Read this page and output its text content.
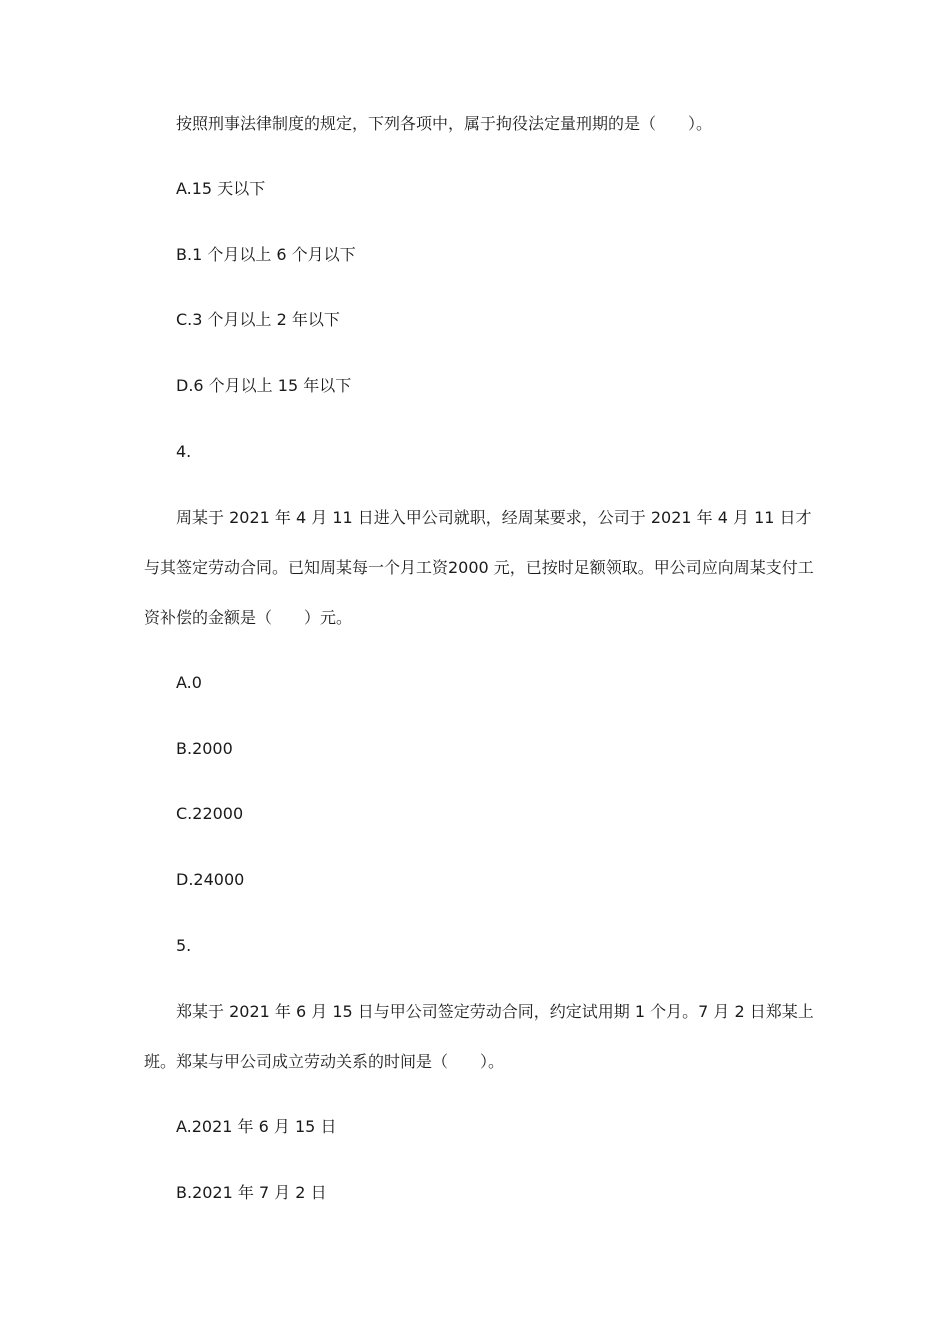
按照刑事法律制度的规定，下列各项中，属于拘役法定量刑期的是（　　）。
A.15 天以下
B.1 个月以上 6 个月以下
C.3 个月以上 2 年以下
D.6 个月以上 15 年以下
4.
周某于 2021 年 4 月 11 日进入甲公司就职，经周某要求，公司于 2021 年 4 月 11 日才与其签定劳动合同。已知周某每一个月工资2000 元，已按时足额领取。甲公司应向周某支付工资补偿的金额是（　　）元。
A.0
B.2000
C.22000
D.24000
5.
郑某于 2021 年 6 月 15 日与甲公司签定劳动合同，约定试用期 1 个月。7 月 2 日郑某上班。郑某与甲公司成立劳动关系的时间是（　　）。
A.2021 年 6 月 15 日
B.2021 年 7 月 2 日
